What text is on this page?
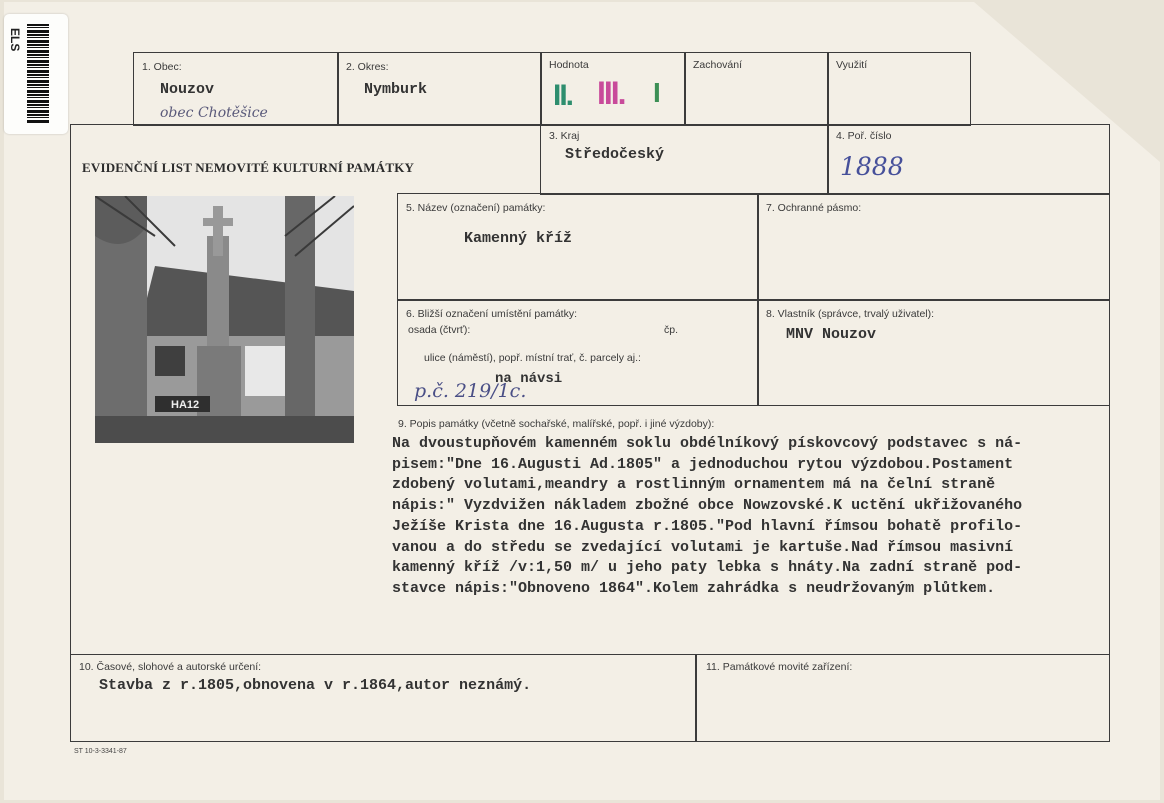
ELS
1. Obec:
Nouzov
obec Chotěšice
2. Okres:
Nymburk
Hodnota
II. III. I
Zachování	Využití
EVIDENČNÍ LIST NEMOVITÉ KULTURNÍ PAMÁTKY
3. Kraj
Středočeský
4. Poř. číslo
1888
5. Název (označení) památky:
Kamenný kříž
7. Ochranné pásmo:
6. Bližší označení umístění památky:
osada (čtvrť):	čp.
ulice (náměstí), popř. místní trať, č. parcely aj.:
na návsi
p.č. 219/1c.
8. Vlastník (správce, trvalý uživatel):
MNV Nouzov
9. Popis památky (včetně sochařské, malířské, popř. i jiné výzdoby):
Na dvoustupňovém kamenném soklu obdélníkový pískovcový podstavec s ná-
pisem:"Dne 16.Augusti Ad.1805" a jednoduchou rytou výzdobou.Postament
zdobený volutami,meandry a rostlinným ornamentem má na čelní straně
nápis:" Vyzdvižen nákladem zbožné obce Nowzovské.K uctění ukřižovaného
Ježíše Krista dne 16.Augusta r.1805."Pod hlavní římsou bohatě profilo-
vanou a do středu se zvedající volutami je kartuše.Nad římsou masivní
kamenný kříž /v:1,50 m/ u jeho paty lebka s hnáty.Na zadní straně pod-
stavce nápis:"Obnoveno 1864".Kolem zahrádka s neudržovaným plůtkem.
10. Časové, slohové a autorské určení:
Stavba z r.1805,obnovena v r.1864,autor neznámý.
11. Památkové movité zařízení:
HA12
ST 10-3-3341-87
